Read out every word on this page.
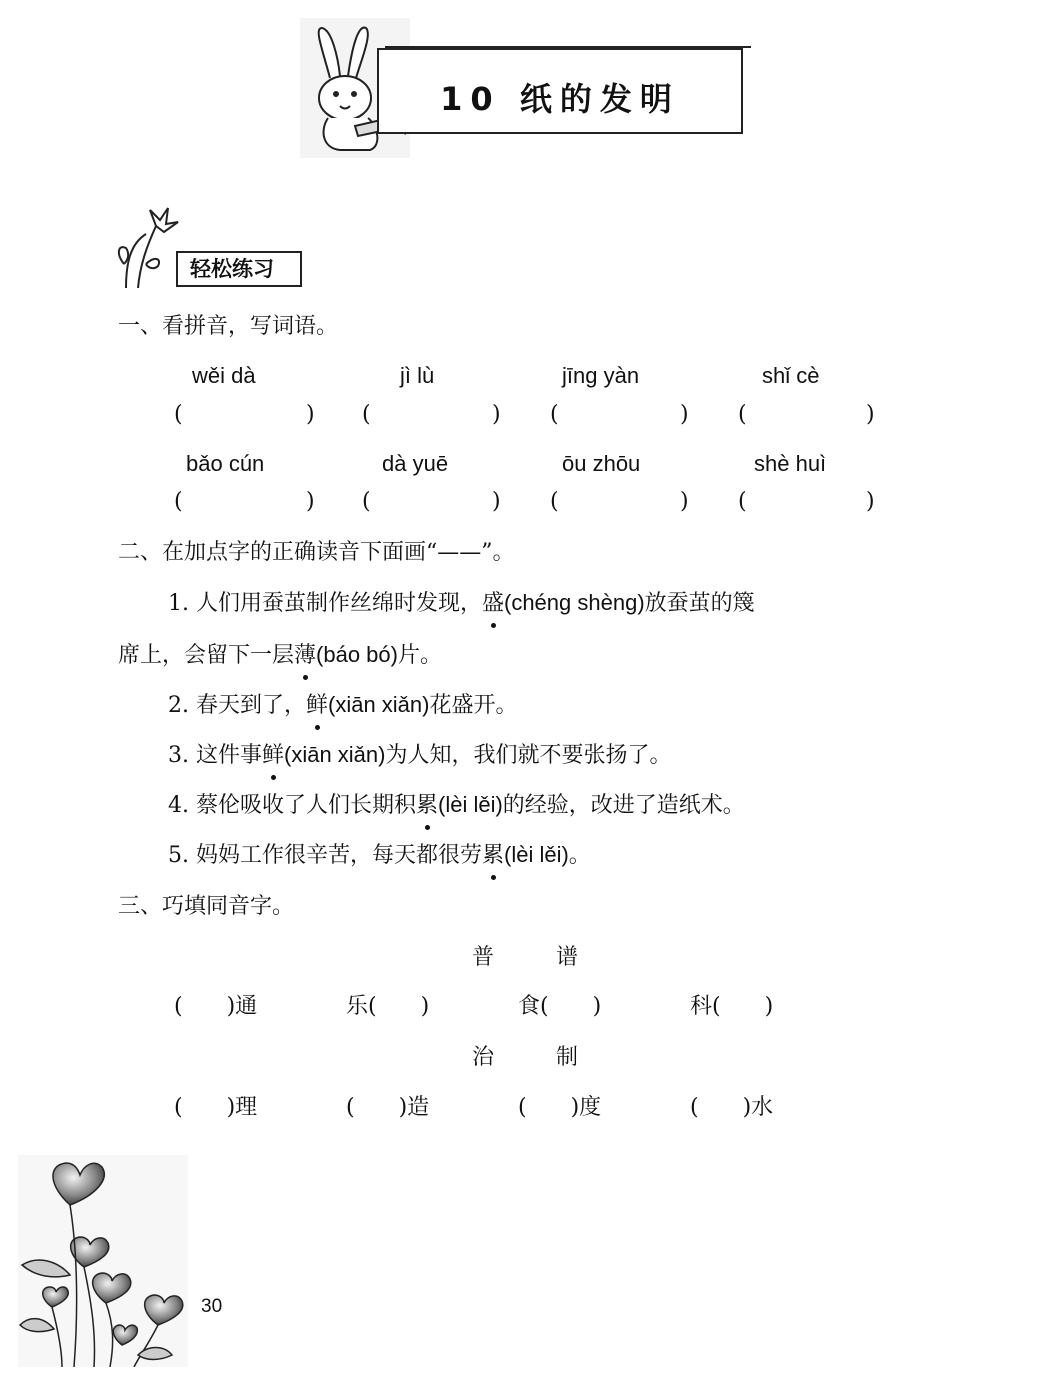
10 纸的发明
轻松练习
一、看拼音，写词语。
wěi dà	jì lù	jīng yàn	shǐ cè
(	) (	) (	) (	)
bǎo cún	dà yuē	ōu zhōu	shè huì
(	) (	) (	) (	)
二、在加点字的正确读音下面画“——”。
1. 人们用蚕茧制作丝绵时发现，盛(chéng shèng)放蚕茧的篾
席上，会留下一层薄(báo bó)片。
2. 春天到了，鲜(xiān xiǎn)花盛开。
3. 这件事鲜(xiān xiǎn)为人知，我们就不要张扬了。
4. 蔡伦吸收了人们长期积累(lèi lěi)的经验，改进了造纸术。
5. 妈妈工作很辛苦，每天都很劳累(lèi lěi)。
三、巧填同音字。
普	谱
(　　)通	乐(　　)	食(　　)	科(　　)
治	制
(　　)理	(　　)造	(　　)度	(　　)水
30
